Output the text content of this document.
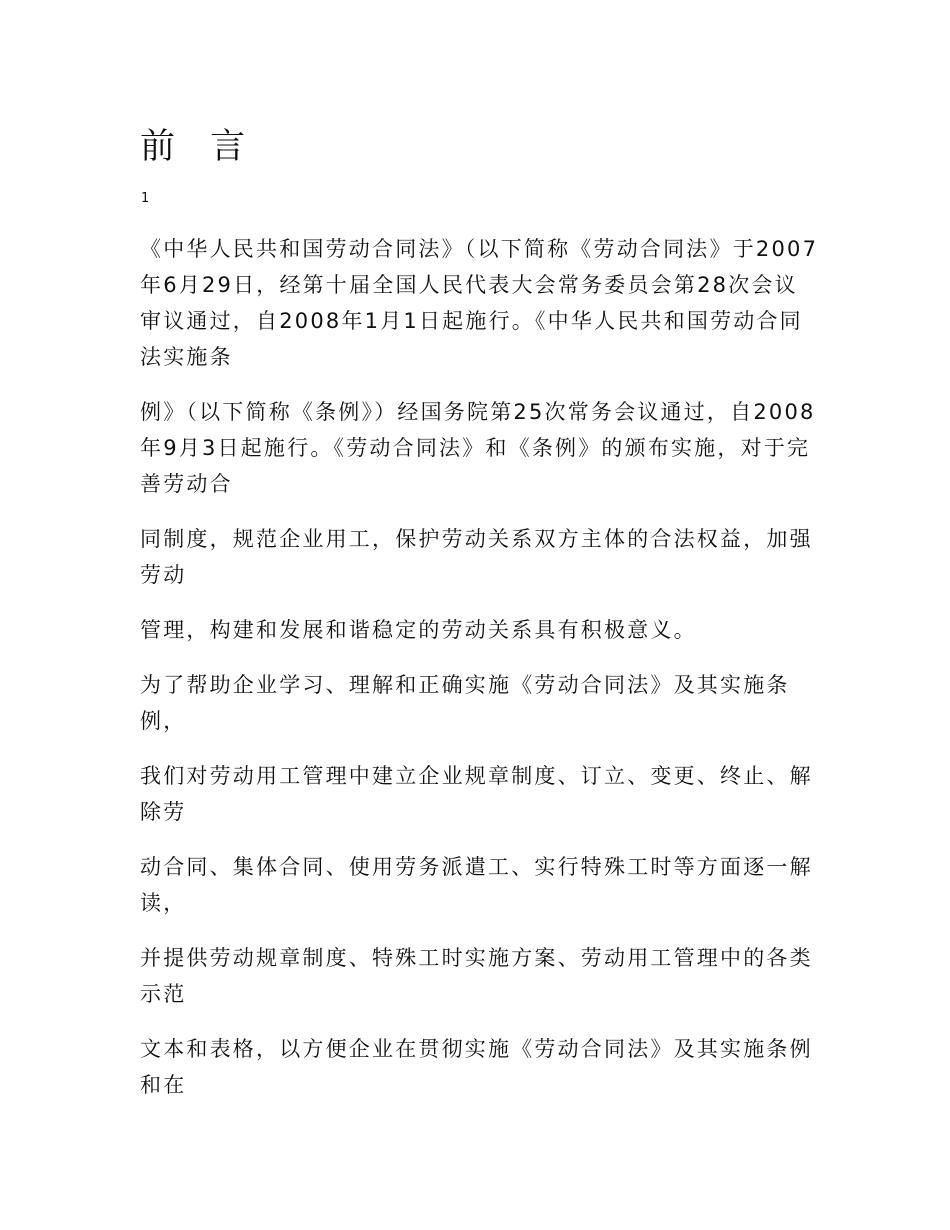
前 言
1

《中华人民共和国劳动合同法》（以下简称《劳动合同法》于2007年6月29日，经第十届全国人民代表大会常务委员会第28次会议审议通过，自2008年1月1日起施行。《中华人民共和国劳动合同法实施条

例》（以下简称《条例》）经国务院第25次常务会议通过，自2008年9月3日起施行。《劳动合同法》和《条例》的颁布实施，对于完善劳动合

同制度，规范企业用工，保护劳动关系双方主体的合法权益，加强劳动

管理，构建和发展和谐稳定的劳动关系具有积极意义。

为了帮助企业学习、理解和正确实施《劳动合同法》及其实施条例，

我们对劳动用工管理中建立企业规章制度、订立、变更、终止、解除劳

动合同、集体合同、使用劳务派遣工、实行特殊工时等方面逐一解读，

并提供劳动规章制度、特殊工时实施方案、劳动用工管理中的各类示范

文本和表格，以方便企业在贯彻实施《劳动合同法》及其实施条例和在
